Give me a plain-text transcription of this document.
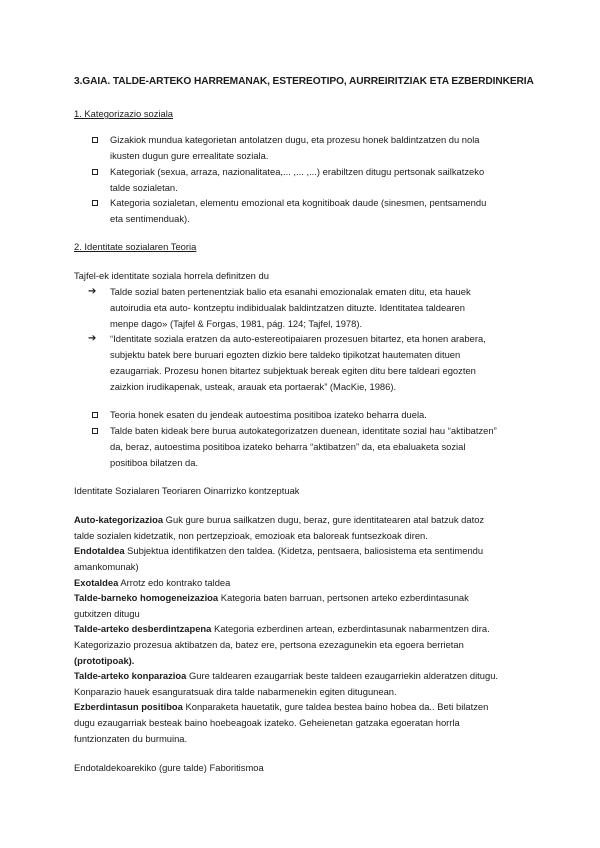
3.GAIA. TALDE-ARTEKO HARREMANAK, ESTEREOTIPO, AURREIRITZIAK ETA EZBERDINKERIA
1. Kategorizazio soziala
Gizakiok mundua kategorietan antolatzen dugu, eta prozesu honek baldintzatzen du nola
ikusten dugun gure errealitate soziala.
Kategoriak (sexua, arraza, nazionalitatea,... ,... ,...) erabiltzen ditugu pertsonak sailkatzeko
talde sozialetan.
Kategoria sozialetan, elementu emozional eta kognitiboak daude (sinesmen, pentsamendu
eta sentimenduak).
2. Identitate sozialaren Teoria
Tajfel-ek identitate soziala horrela definitzen du
➔ Talde sozial baten pertenentziak balio eta esanahi emozionalak ematen ditu, eta hauek
autoirudia eta auto- kontzeptu indibidualak baldintzatzen dituzte. Identitatea taldearen
menpe dago» (Tajfel & Forgas, 1981, pág. 124; Tajfel, 1978).
➔ “Identitate soziala eratzen da auto-estereotipaiaren prozesuen bitartez, eta honen arabera,
subjektu batek bere buruari egozten dizkio bere taldeko tipikotzat hautematen dituen
ezaugarriak. Prozesu honen bitartez subjektuak bereak egiten ditu bere taldeari egozten
zaizkion irudikapenak, usteak, arauak eta portaerak” (MacKie, 1986).
Teoria honek esaten du jendeak autoestima positiboa izateko beharra duela.
Talde baten kideak bere burua autokategorizatzen duenean, identitate sozial hau “aktibatzen”
da, beraz, autoestima positiboa izateko beharra “aktibatzen” da, eta ebaluaketa sozial
positiboa bilatzen da.
Identitate Sozialaren Teoriaren Oinarrizko kontzeptuak
Auto-kategorizazioa Guk gure burua sailkatzen dugu, beraz, gure identitatearen atal batzuk datoz
talde sozialen kidetzatik, non pertzepzioak, emozioak eta baloreak funtsezkoak diren.
Endotaldea Subjektua identifikatzen den taldea. (Kidetza, pentsaera, baliosistema eta sentimendu
amankomunak)
Exotaldea Arrotz edo kontrako taldea
Talde-barneko homogeneizazioa Kategoria baten barruan, pertsonen arteko ezberdintasunak
gutxitzen ditugu
Talde-arteko desberdintzapena Kategoria ezberdinen artean, ezberdintasunak nabarmentzen dira.
Kategorizazio prozesua aktibatzen da, batez ere, pertsona ezezagunekin eta egoera berrietan
(prototipoak).
Talde-arteko konparazioa Gure taldearen ezaugarriak beste taldeen ezaugarriekin alderatzen ditugu.
Konparazio hauek esanguratsuak dira talde nabarmenekin egiten ditugunean.
Ezberdintasun positiboa Konparaketa hauetatik, gure taldea bestea baino hobea da.. Beti bilatzen
dugu ezaugarriak besteak baino hoebeagoak izateko. Geheienetan gatzaka egoeratan horrla
funtzionzaten du burmuina.
Endotaldekoarekiko (gure talde) Faboritismoa
